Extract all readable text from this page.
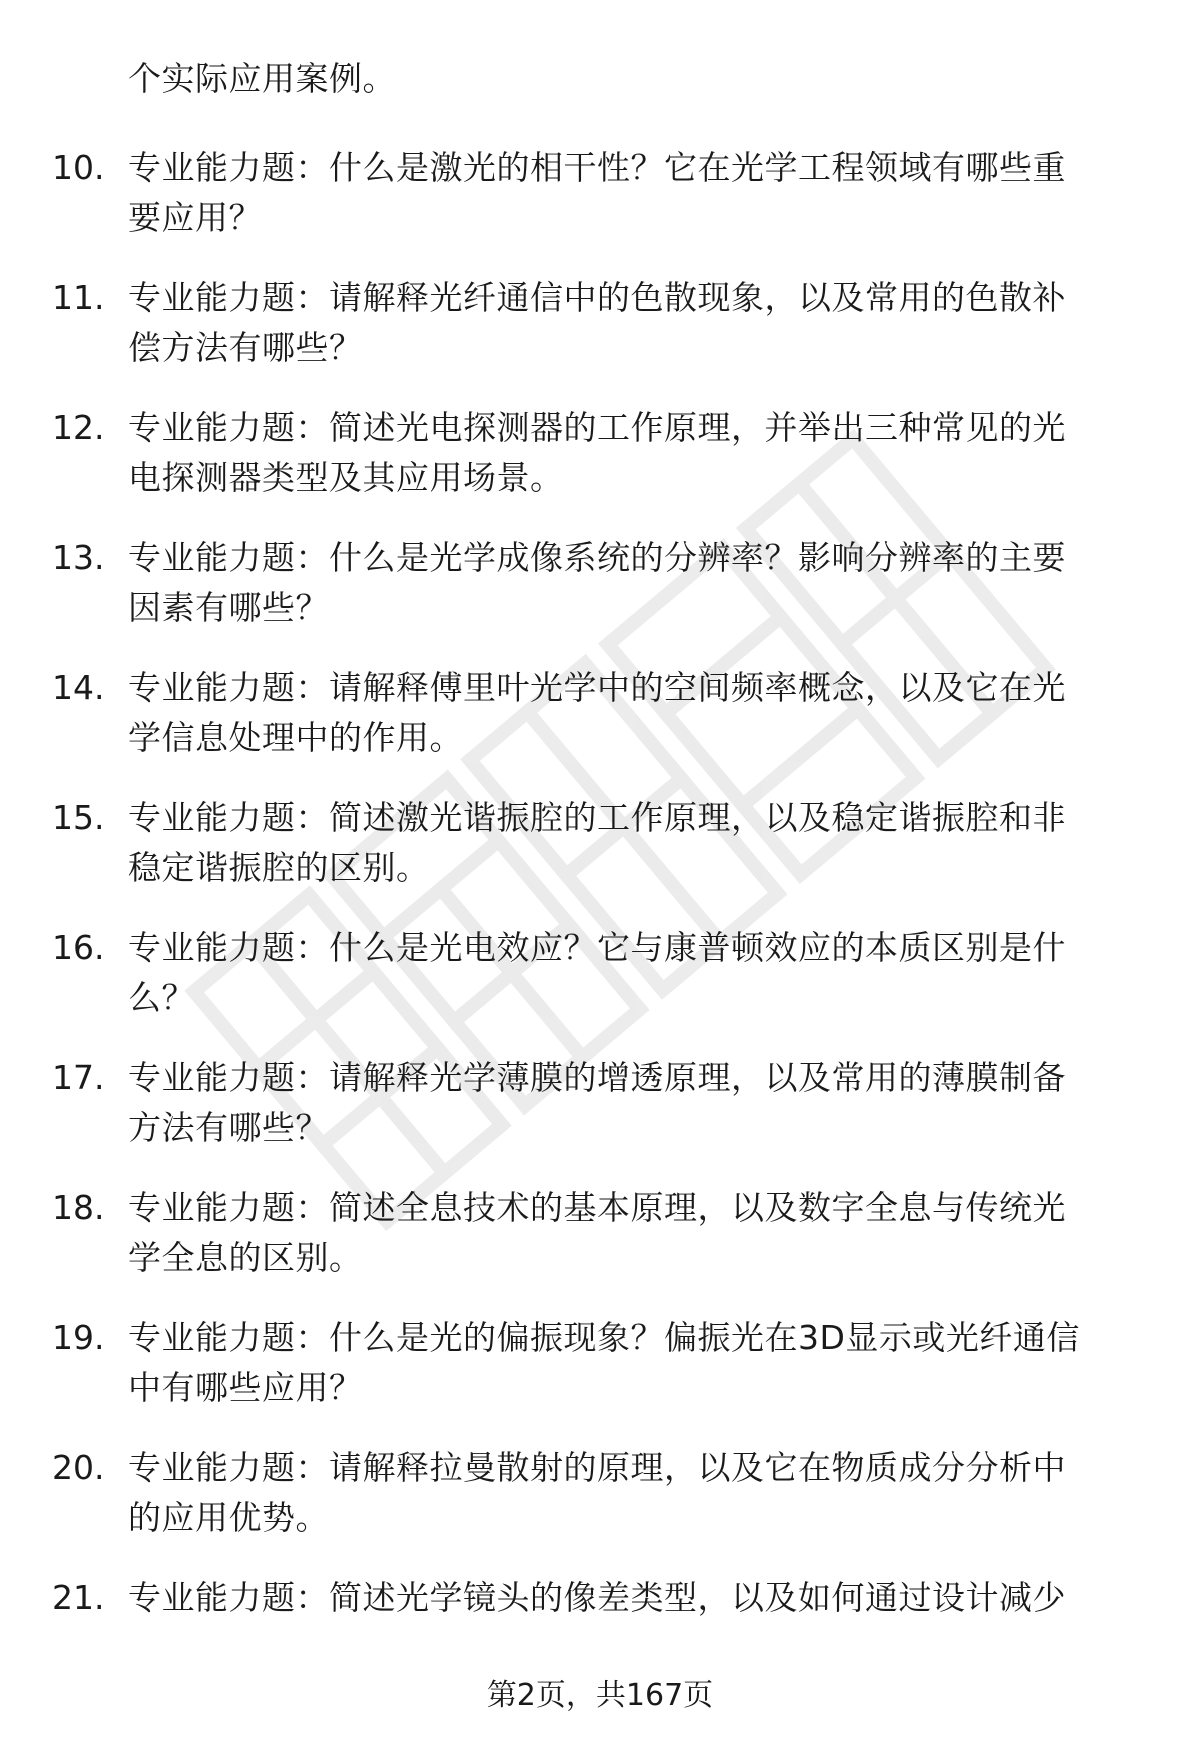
个实际应用案例。
10. 专业能力题：什么是激光的相干性？它在光学工程领域有哪些重
要应用？
11. 专业能力题：请解释光纤通信中的色散现象，以及常用的色散补
偿方法有哪些？
12. 专业能力题：简述光电探测器的工作原理，并举出三种常见的光
电探测器类型及其应用场景。
13. 专业能力题：什么是光学成像系统的分辨率？影响分辨率的主要
因素有哪些？
14. 专业能力题：请解释傅里叶光学中的空间频率概念，以及它在光
学信息处理中的作用。
15. 专业能力题：简述激光谐振腔的工作原理，以及稳定谐振腔和非
稳定谐振腔的区别。
16. 专业能力题：什么是光电效应？它与康普顿效应的本质区别是什
么？
17. 专业能力题：请解释光学薄膜的增透原理，以及常用的薄膜制备
方法有哪些？
18. 专业能力题：简述全息技术的基本原理，以及数字全息与传统光
学全息的区别。
19. 专业能力题：什么是光的偏振现象？偏振光在3D显示或光纤通信
中有哪些应用？
20. 专业能力题：请解释拉曼散射的原理，以及它在物质成分分析中
的应用优势。
21. 专业能力题：简述光学镜头的像差类型，以及如何通过设计减少
第2页，共167页
